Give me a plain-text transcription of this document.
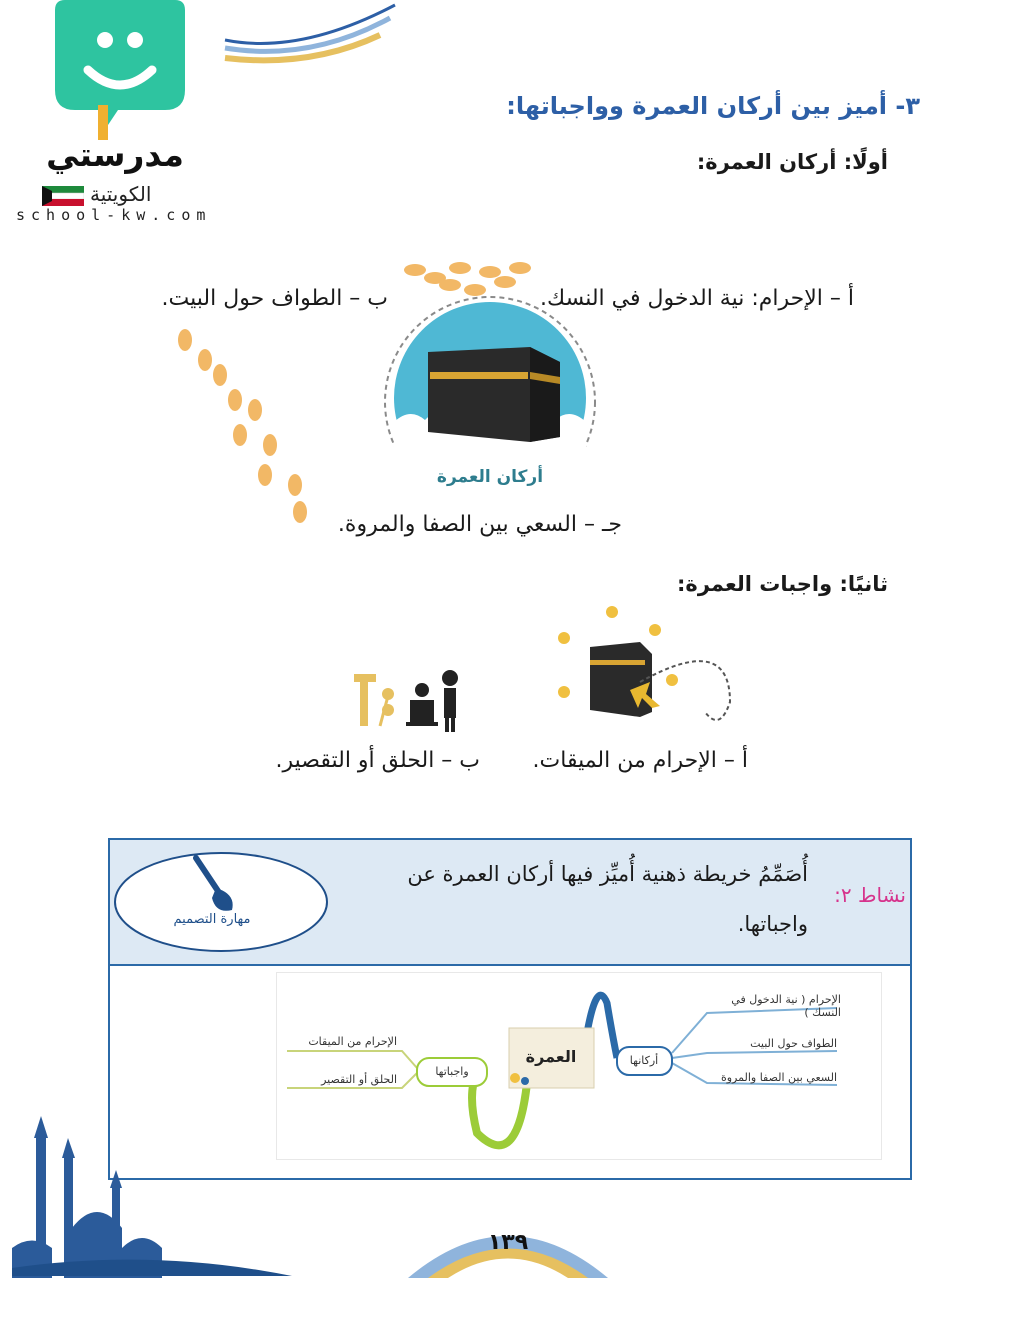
مدرستي
الكويتية
school-kw.com
٣- أميز بين أركان العمرة وواجباتها:
أولًا: أركان العمرة:
أ – الإحرام: نية الدخول في النسك.
ب – الطواف حول البيت.
جـ – السعي بين الصفا والمروة.
أركان العمرة
ثانيًا: واجبات العمرة:
أ – الإحرام من الميقات.
ب – الحلق أو التقصير.
نشاط ٢:
أُصَمِّمُ خريطة ذهنية أُميِّز فيها أركان العمرة عن
واجباتها.
مهارة التصميم
العمرة
واجباتها
أركانها
الإحرام من الميقات
الحلق أو التقصير
الإحرام ( نية الدخول في النسك )
الطواف حول البيت
السعي بين الصفا والمروة
١٣٩
